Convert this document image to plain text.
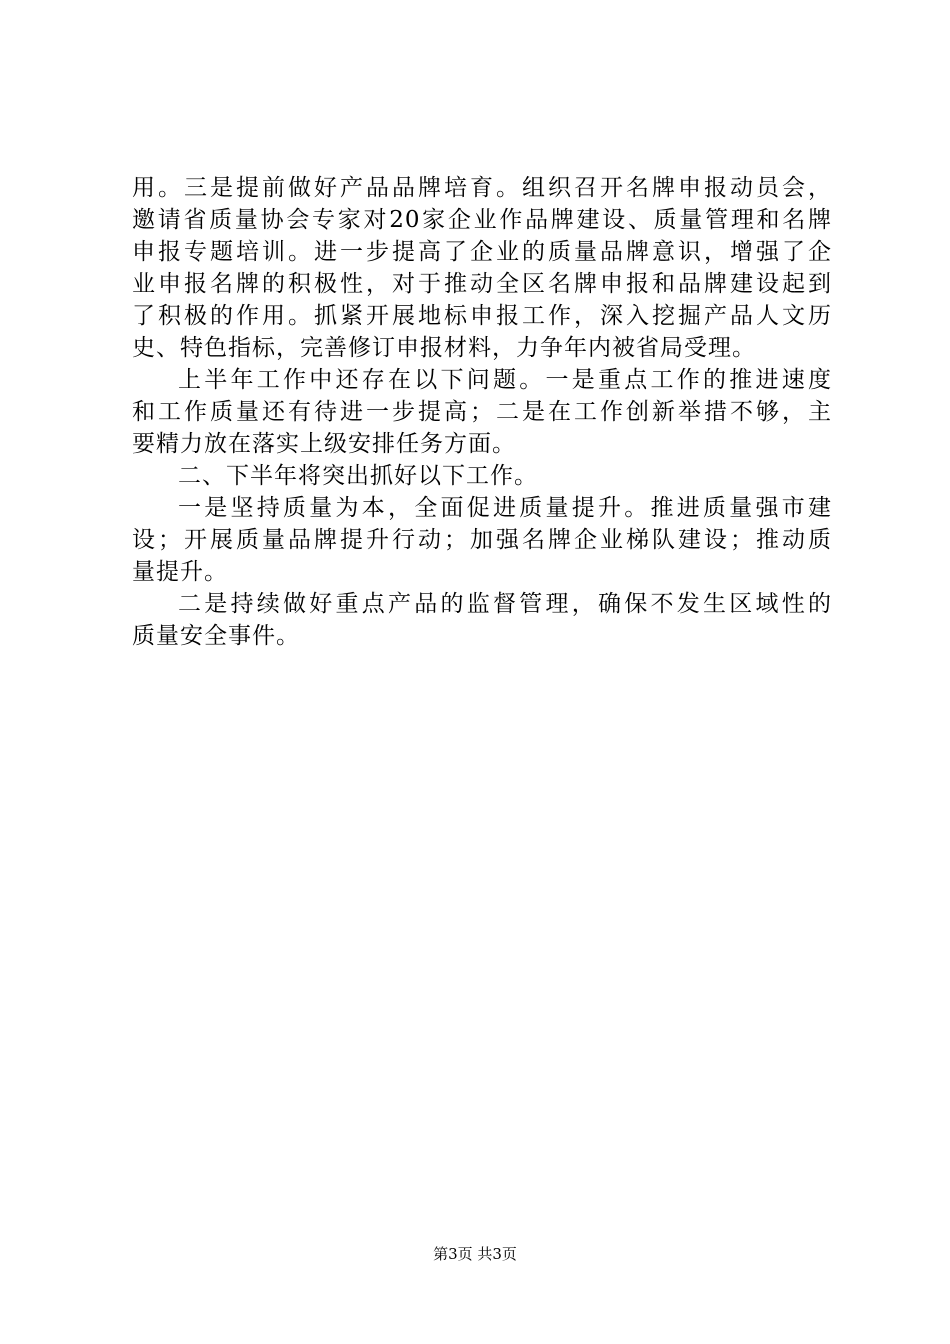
用。三是提前做好产品品牌培育。组织召开名牌申报动员会，
邀请省质量协会专家对20家企业作品牌建设、质量管理和名牌
申报专题培训。进一步提高了企业的质量品牌意识，增强了企
业申报名牌的积极性，对于推动全区名牌申报和品牌建设起到
了积极的作用。抓紧开展地标申报工作，深入挖掘产品人文历
史、特色指标，完善修订申报材料，力争年内被省局受理。
上半年工作中还存在以下问题。一是重点工作的推进速度
和工作质量还有待进一步提高；二是在工作创新举措不够，主
要精力放在落实上级安排任务方面。
二、下半年将突出抓好以下工作。
一是坚持质量为本，全面促进质量提升。推进质量强市建
设；开展质量品牌提升行动；加强名牌企业梯队建设；推动质
量提升。
二是持续做好重点产品的监督管理，确保不发生区域性的
质量安全事件。
第3页 共3页
